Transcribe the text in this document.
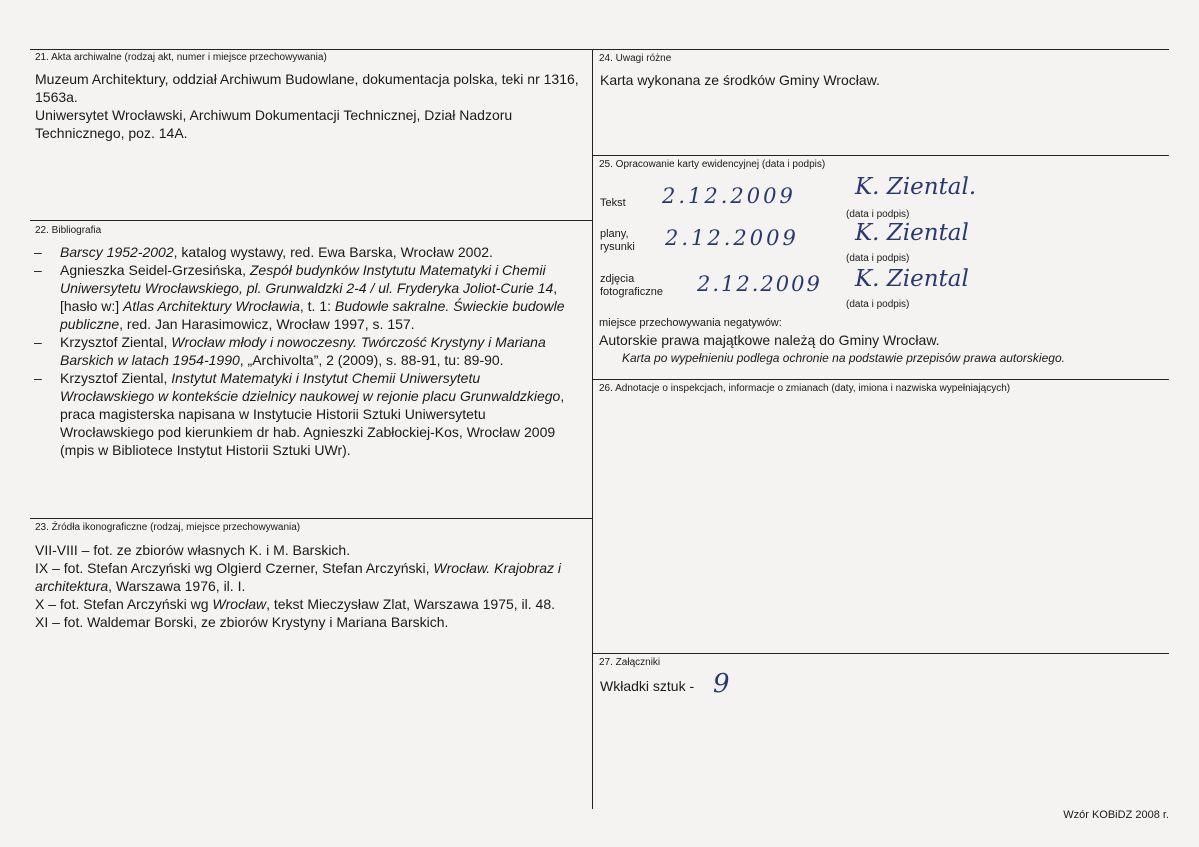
21. Akta archiwalne (rodzaj akt, numer i miejsce przechowywania)

Muzeum Architektury, oddział Archiwum Budowlane, dokumentacja polska, teki nr 1316, 1563a.

Uniwersytet Wrocławski, Archiwum Dokumentacji Technicznej, Dział Nadzoru Technicznego, poz. 14A.

22. Bibliografia
– Barscy 1952-2002, katalog wystawy, red. Ewa Barska, Wrocław 2002.
– Agnieszka Seidel-Grzesińska, Zespół budynków Instytutu Matematyki i Chemii Uniwersytetu Wrocławskiego, pl. Grunwaldzki 2-4 / ul. Fryderyka Joliot-Curie 14, [hasło w:] Atlas Architektury Wrocławia, t. 1: Budowle sakralne. Świeckie budowle publiczne, red. Jan Harasimowicz, Wrocław 1997, s. 157.
– Krzysztof Ziental, Wrocław młody i nowoczesny. Twórczość Krystyny i Mariana Barskich w latach 1954-1990, „Archivolta”, 2 (2009), s. 88-91, tu: 89-90.
– Krzysztof Ziental, Instytut Matematyki i Instytut Chemii Uniwersytetu Wrocławskiego w kontekście dzielnicy naukowej w rejonie placu Grunwaldzkiego, praca magisterska napisana w Instytucie Historii Sztuki Uniwersytetu Wrocławskiego pod kierunkiem dr hab. Agnieszki Zabłockiej-Kos, Wrocław 2009 (mpis w Bibliotece Instytut Historii Sztuki UWr).
23. Źródła ikonograficzne (rodzaj, miejsce przechowywania)

VII-VIII – fot. ze zbiorów własnych K. i M. Barskich.

IX – fot. Stefan Arczyński wg Olgierd Czerner, Stefan Arczyński, Wrocław. Krajobraz i architektura, Warszawa 1976, il. I.

X – fot. Stefan Arczyński wg Wrocław, tekst Mieczysław Zlat, Warszawa 1975, il. 48.

XI – fot. Waldemar Borski, ze zbiorów Krystyny i Mariana Barskich.

24. Uwagi różne
Karta wykonana ze środków Gminy Wrocław.
25. Opracowanie karty ewidencyjnej (data i podpis)
Tekst 2.12.2009	K. Ziental.
(data i podpis)
plany,
rysunki 2.12.2009 K. Ziental
(data i podpis)
zdjęcia
fotograficzne 2.12.2009 K. Ziental
(data i podpis)
miejsce przechowywania negatywów:
Autorskie prawa majątkowe należą do Gminy Wrocław.
Karta po wypełnieniu podlega ochronie na podstawie przepisów prawa autorskiego.
26. Adnotacje o inspekcjach, informacje o zmianach (daty, imiona i nazwiska wypełniających)
27. Załączniki
Wkładki sztuk - 9
Wzór KOBiDZ 2008 r.
